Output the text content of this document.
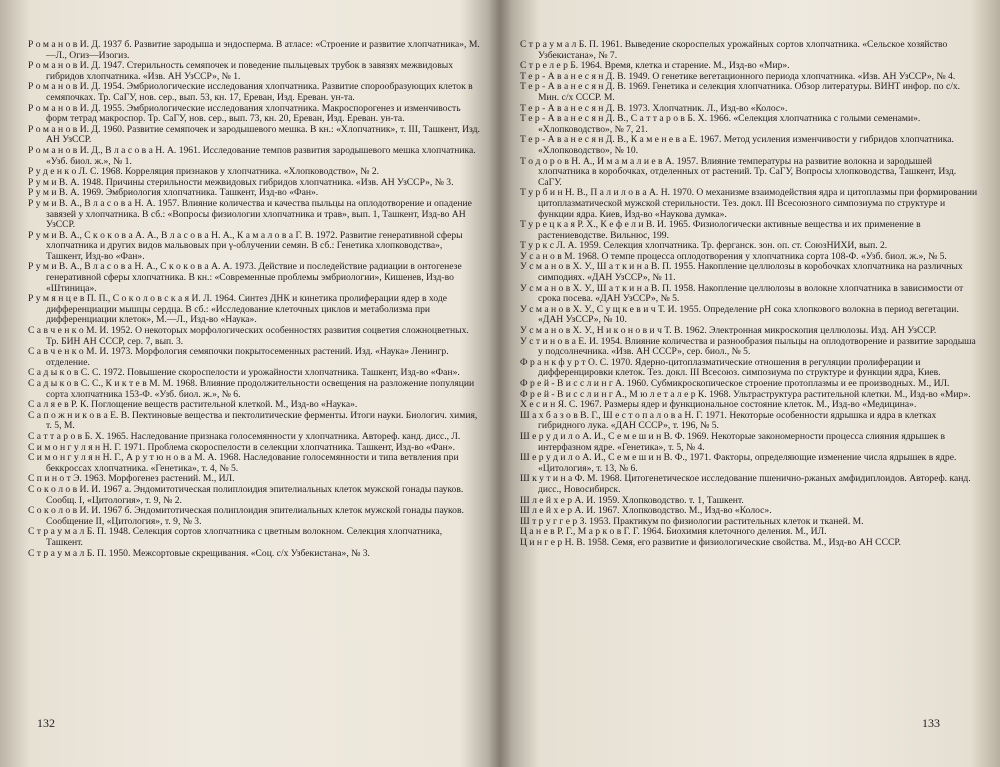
Р о м а н о в И. Д. 1937 б. Развитие зародыша и эндосперма. В атласе: «Строение и развитие хлопчатника», М.—Л., Огиз—Изогиз.

Р о м а н о в И. Д. 1947. Стерильность семяпочек и поведение пыльцевых трубок в завязях межвидовых гибридов хлопчатника. «Изв. АН УзССР», № 1.

Р о м а н о в И. Д. 1954. Эмбриологические исследования хлопчатника. Развитие спорообразующих клеток в семяпочках. Тр. СаГУ, нов. сер., вып. 53, кн. 17, Ереван, Изд. Ереван. ун-та.

Р о м а н о в И. Д. 1955. Эмбриологические исследования хлопчатника. Макроспорогенез и изменчивость форм тетрад макроспор. Тр. СаГУ, нов. сер., вып. 73, кн. 20, Ереван, Изд. Ереван. ун-та.

Р о м а н о в И. Д. 1960. Развитие семяпочек и зародышевого мешка. В кн.: «Хлопчатник», т. III, Ташкент, Изд. АН УзССР.

Р о м а н о в И. Д., В л а с о в а Н. А. 1961. Исследование темпов развития зародышевого мешка хлопчатника. «Узб. биол. ж.», № 1.

Р у д е н к о Л. С. 1968. Корреляция признаков у хлопчатника. «Хлопководство», № 2.

Р у м и В. А. 1948. Причины стерильности межвидовых гибридов хлопчатника. «Изв. АН УзССР», № 3.

Р у м и В. А. 1969. Эмбриология хлопчатника. Ташкент, Изд-во «Фан».

Р у м и В. А., В л а с о в а Н. А. 1957. Влияние количества и качества пыльцы на оплодотворение и опадение завязей у хлопчатника. В сб.: «Вопросы физиологии хлопчатника и трав», вып. 1, Ташкент, Изд-во АН УзССР.

Р у м и В. А., С к о к о в а А. А., В л а с о в а Н. А., К а м а л о в а Г. В. 1972. Развитие генеративной сферы хлопчатника и других видов мальвовых при γ-облучении семян. В сб.: Генетика хлопководства», Ташкент, Изд-во «Фан».

Р у м и В. А., В л а с о в а Н. А., С к о к о в а А. А. 1973. Действие и последействие радиации в онтогенезе генеративной сферы хлопчатника. В кн.: «Современные проблемы эмбриологии», Кишенев, Изд-во «Штиница».

Р у м я н ц е в П. П., С о к о л о в с к а я И. Л. 1964. Синтез ДНК и кинетика пролиферации ядер в ходе дифференциации мышцы сердца. В сб.: «Исследование клеточных циклов и метаболизма при дифференциации клеток», М.—Л., Изд-во «Наука».

С а в ч е н к о М. И. 1952. О некоторых морфологических особенностях развития соцветия сложноцветных. Тр. БИН АН СССР, сер. 7, вып. 3.

С а в ч е н к о М. И. 1973. Морфология семяпочки покрытосеменных растений. Изд. «Наука» Ленингр. отделение.

С а д ы к о в С. С. 1972. Повышение скороспелости и урожайности хлопчатника. Ташкент, Изд-во «Фан».

С а д ы к о в С. С., К и к т е в М. М. 1968. Влияние продолжительности освещения на разложение популяции сорта хлопчатника 153-Ф. «Узб. биол. ж.», № 6.

С а л я е в Р. К. Поглощение веществ растительной клеткой. М., Изд-во «Наука».

С а п о ж н и к о в а Е. В. Пектиновые вещества и пектолитические ферменты. Итоги науки. Биологич. химия, т. 5, М.

С а т т а р о в Б. Х. 1965. Наследование признака голосемянности у хлопчатника. Автореф. канд. дисс., Л.

С и м о н г у л я н Н. Г. 1971. Проблема скороспелости в селекции хлопчатника. Ташкент, Изд-во «Фан».

С и м о н г у л я н Н. Г., А р у т ю н о в а М. А. 1968. Наследование голосемянности и типа ветвления при беккроссах хлопчатника. «Генетика», т. 4, № 5.

С п и н о т Э. 1963. Морфогенез растений. М., ИЛ.

С о к о л о в И. И. 1967 а. Эндомитотическая полиплоидия эпителиальных клеток мужской гонады пауков. Сообщ. I, «Цитология», т. 9, № 2.

С о к о л о в И. И. 1967 б. Эндомитотическая полиплоидия эпителиальных клеток мужской гонады пауков. Сообщение II, «Цитология», т. 9, № 3.

С т р а у м а л Б. П. 1948. Селекция сортов хлопчатника с цветным волокном. Селекция хлопчатника, Ташкент.

С т р а у м а л Б. П. 1950. Межсортовые скрещивания. «Соц. с/х Узбекистана», № 3.

132

С т р а у м а л Б. П. 1961. Выведение скороспелых урожайных сортов хлопчатника. «Сельское хозяйство Узбекистана», № 7.

С т р е л е р Б. 1964. Время, клетка и старение. М., Изд-во «Мир».

Т е р - А в а н е с я н Д. В. 1949. О генетике вегетационного периода хлопчатника. «Изв. АН УзССР», № 4.

Т е р - А в а н е с я н Д. В. 1969. Генетика и селекция хлопчатника. Обзор литературы. ВИНТ инфор. по с/х. Мин. с/х СССР. М.

Т е р - А в а н е с я н Д. В. 1973. Хлопчатник. Л., Изд-во «Колос».

Т е р - А в а н е с я н Д. В., С а т т а р о в Б. Х. 1966. «Селекция хлопчатника с голыми семенами». «Хлопководство», № 7, 21.

Т е р - А в а н е с я н Д. В., К а м е н е в а Е. 1967. Метод усиления изменчивости у гибридов хлопчатника. «Хлопководство», № 10.

Т о д о р о в Н. А., И м а м а л и е в А. 1957. Влияние температуры на развитие волокна и зародышей хлопчатника в коробочках, отделенных от растений. Тр. СаГУ, Вопросы хлопководства, Ташкент, Изд. СаГУ.

Т у р б и н Н. В., П а л и л о в а А. Н. 1970. О механизме взаимодействия ядра и цитоплазмы при формировании цитоплазматической мужской стерильности. Тез. докл. III Всесоюзного симпозиума по структуре и функции ядра. Киев, Изд-во «Наукова думка».

Т у р е ц к а я Р. Х., К е ф е л и В. И. 1965. Физиологически активные вещества и их применение в растениеводстве. Вильнюс, 199.

Т у р к с Л. А. 1959. Селекция хлопчатника. Тр. ферганск. зон. оп. ст. СоюзНИХИ, вып. 2.

У с а н о в М. 1968. О темпе процесса оплодотворения у хлопчатника сорта 108-Ф. «Узб. биол. ж.», № 5.

У с м а н о в Х. У., Ш а т к и н а В. П. 1955. Накопление целлюлозы в коробочках хлопчатника на различных симподиях. «ДАН УзССР», № 11.

У с м а н о в Х. У., Ш а т к и н а В. П. 1958. Накопление целлюлозы в волокне хлопчатника в зависимости от срока посева. «ДАН УзССР», № 5.

У с м а н о в Х. У., С у щ к е в и ч Т. И. 1955. Определение pH сока хлопкового волокна в период вегетации. «ДАН УзССР», № 10.

У с м а н о в Х. У., Н и к о н о в и ч Т. В. 1962. Электронная микроскопия целлюлозы. Изд. АН УзССР.

У с т и н о в а Е. И. 1954. Влияние количества и разнообразия пыльцы на оплодотворение и развитие зародыша у подсолнечника. «Изв. АН СССР», сер. биол., № 5.

Ф р а н к ф у р т О. С. 1970. Ядерно-цитоплазматические отношения в регуляции пролиферации и дифференцировки клеток. Тез. докл. III Всесоюз. симпозиума по структуре и функции ядра, Киев.

Ф р е й - В и с с л и н г А. 1960. Субмикроскопическое строение протоплазмы и ее производных. М., ИЛ.

Ф р е й - В и с с л и н г А., М ю л е т а л е р К. 1968. Ультраструктура растительной клетки. М., Изд-во «Мир».

Х е с и н Я. С. 1967. Размеры ядер и функциональное состояние клеток. М., Изд-во «Медицина».

Ш а х б а з о в В. Г., Ш е с т о п а л о в а Н. Г. 1971. Некоторые особенности ядрышка и ядра в клетках гибридного лука. «ДАН СССР», т. 196, № 5.

Ш е р у д и л о А. И., С е м е ш и н В. Ф. 1969. Некоторые закономерности процесса слияния ядрышек в интерфазном ядре. «Генетика», т. 5, № 4.

Ш е р у д и л о А. И., С е м е ш и н В. Ф., 1971. Факторы, определяющие изменение числа ядрышек в ядре. «Цитология», т. 13, № 6.

Ш к у т и н а Ф. М. 1968. Цитогенетическое исследование пшенично-ржаных амфидиплоидов. Автореф. канд. дисс., Новосибирск.

Ш л е й х е р А. И. 1959. Хлопководство. т. 1, Ташкент.

Ш л е й х е р А. И. 1967. Хлопководство. М., Изд-во «Колос».

Ш т р у г г е р З. 1953. Практикум по физиологии растительных клеток и тканей. М.

Ц а н е в Р. Г., М а р к о в Г. Г. 1964. Биохимия клеточного деления. М., ИЛ.

Ц и н г е р Н. В. 1958. Семя, его развитие и физиологические свойства. М., Изд-во АН СССР.

133
